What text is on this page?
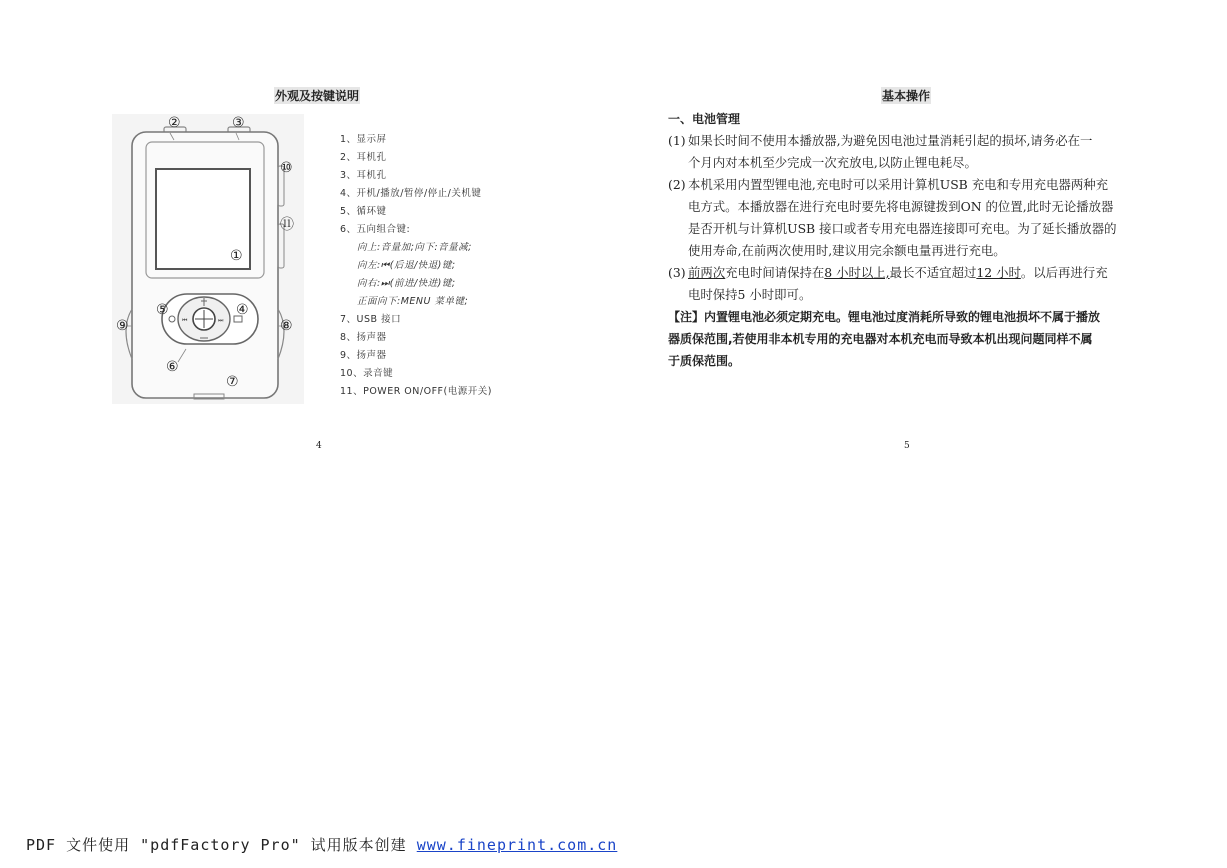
外观及按键说明	基本操作
⏮	⏭
②	③
⑩
⑪
①
⑤	④
⑨	⑧
⑥
⑦
1、显示屏
2、耳机孔
3、耳机孔
4、开机/播放/暂停/停止/关机键
5、循环键
6、五向组合键:
向上:音量加;向下:音量减;
向左:⏮(后退/快退)键;
向右:⏭(前进/快进)键;
正面向下:MENU 菜单键;
7、USB 接口
8、扬声器
9、扬声器
10、录音键
11、POWER ON/OFF(电源开关)
一、电池管理
(1) 如果长时间不使用本播放器,为避免因电池过量消耗引起的损坏,请务必在一
个月内对本机至少完成一次充放电,以防止锂电耗尽。
(2) 本机采用内置型锂电池,充电时可以采用计算机USB 充电和专用充电器两种充
电方式。本播放器在进行充电时要先将电源键拨到ON 的位置,此时无论播放器
是否开机与计算机USB 接口或者专用充电器连接即可充电。为了延长播放器的
使用寿命,在前两次使用时,建议用完余额电量再进行充电。
(3) 前两次充电时间请保持在8 小时以上,最长不适宜超过12 小时。以后再进行充
电时保持5 小时即可。
【注】内置锂电池必须定期充电。锂电池过度消耗所导致的锂电池损坏不属于播放
器质保范围,若使用非本机专用的充电器对本机充电而导致本机出现问题同样不属
于质保范围。
4	5
PDF 文件使用 "pdfFactory Pro" 试用版本创建 www.fineprint.com.cn
